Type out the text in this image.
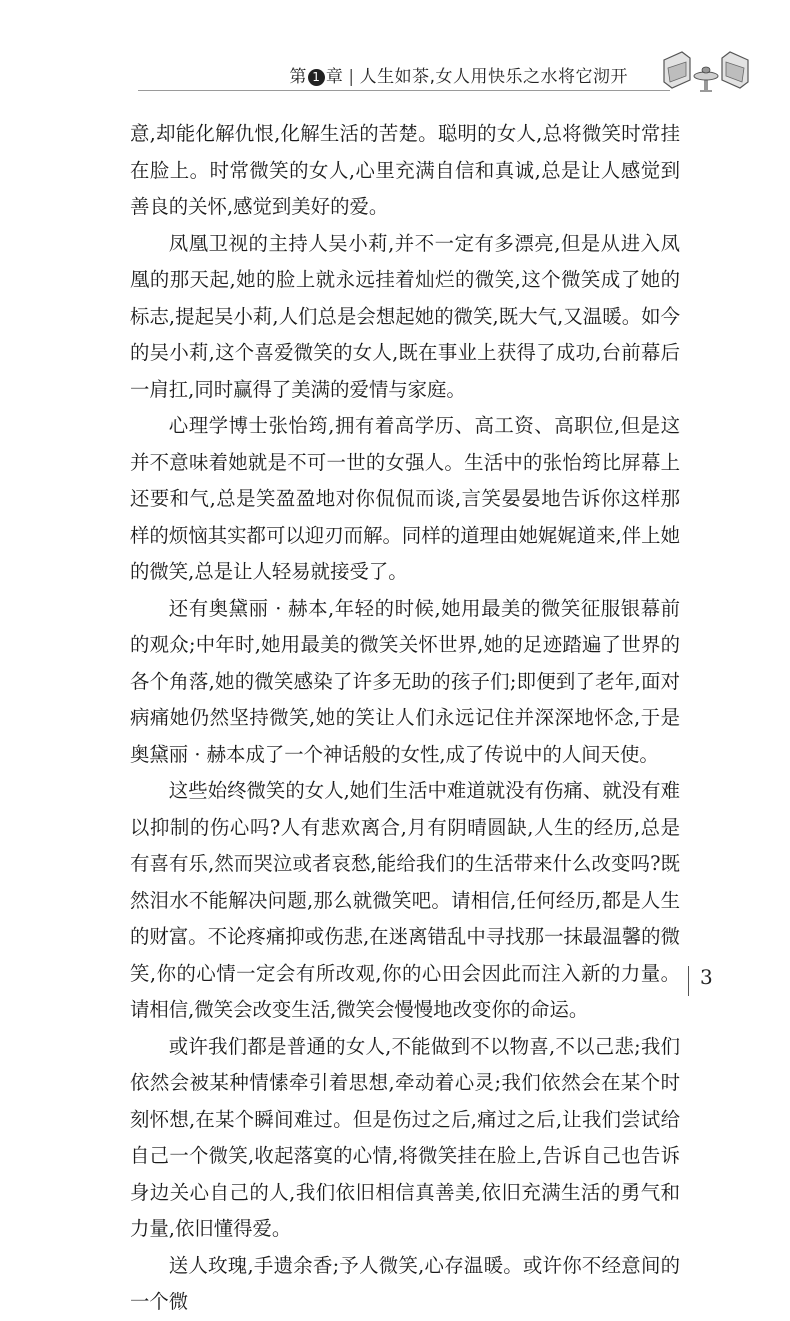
第 1 章 | 人生如茶,女人用快乐之水将它沏开

意,却能化解仇恨,化解生活的苦楚。聪明的女人,总将微笑时常挂在脸上。时常微笑的女人,心里充满自信和真诚,总是让人感觉到善良的关怀,感觉到美好的爱。

凤凰卫视的主持人吴小莉,并不一定有多漂亮,但是从进入凤凰的那天起,她的脸上就永远挂着灿烂的微笑,这个微笑成了她的标志,提起吴小莉,人们总是会想起她的微笑,既大气,又温暖。如今的吴小莉,这个喜爱微笑的女人,既在事业上获得了成功,台前幕后一肩扛,同时赢得了美满的爱情与家庭。

心理学博士张怡筠,拥有着高学历、高工资、高职位,但是这并不意味着她就是不可一世的女强人。生活中的张怡筠比屏幕上还要和气,总是笑盈盈地对你侃侃而谈,言笑晏晏地告诉你这样那样的烦恼其实都可以迎刃而解。同样的道理由她娓娓道来,伴上她的微笑,总是让人轻易就接受了。

还有奥黛丽 · 赫本,年轻的时候,她用最美的微笑征服银幕前的观众;中年时,她用最美的微笑关怀世界,她的足迹踏遍了世界的各个角落,她的微笑感染了许多无助的孩子们;即便到了老年,面对病痛她仍然坚持微笑,她的笑让人们永远记住并深深地怀念,于是奥黛丽 · 赫本成了一个神话般的女性,成了传说中的人间天使。

这些始终微笑的女人,她们生活中难道就没有伤痛、就没有难以抑制的伤心吗?人有悲欢离合,月有阴晴圆缺,人生的经历,总是有喜有乐,然而哭泣或者哀愁,能给我们的生活带来什么改变吗?既然泪水不能解决问题,那么就微笑吧。请相信,任何经历,都是人生的财富。不论疼痛抑或伤悲,在迷离错乱中寻找那一抹最温馨的微笑,你的心情一定会有所改观,你的心田会因此而注入新的力量。请相信,微笑会改变生活,微笑会慢慢地改变你的命运。

或许我们都是普通的女人,不能做到不以物喜,不以己悲;我们依然会被某种情愫牵引着思想,牵动着心灵;我们依然会在某个时刻怀想,在某个瞬间难过。但是伤过之后,痛过之后,让我们尝试给自己一个微笑,收起落寞的心情,将微笑挂在脸上,告诉自己也告诉身边关心自己的人,我们依旧相信真善美,依旧充满生活的勇气和力量,依旧懂得爱。

送人玫瑰,手遗余香;予人微笑,心存温暖。或许你不经意间的一个微

3
